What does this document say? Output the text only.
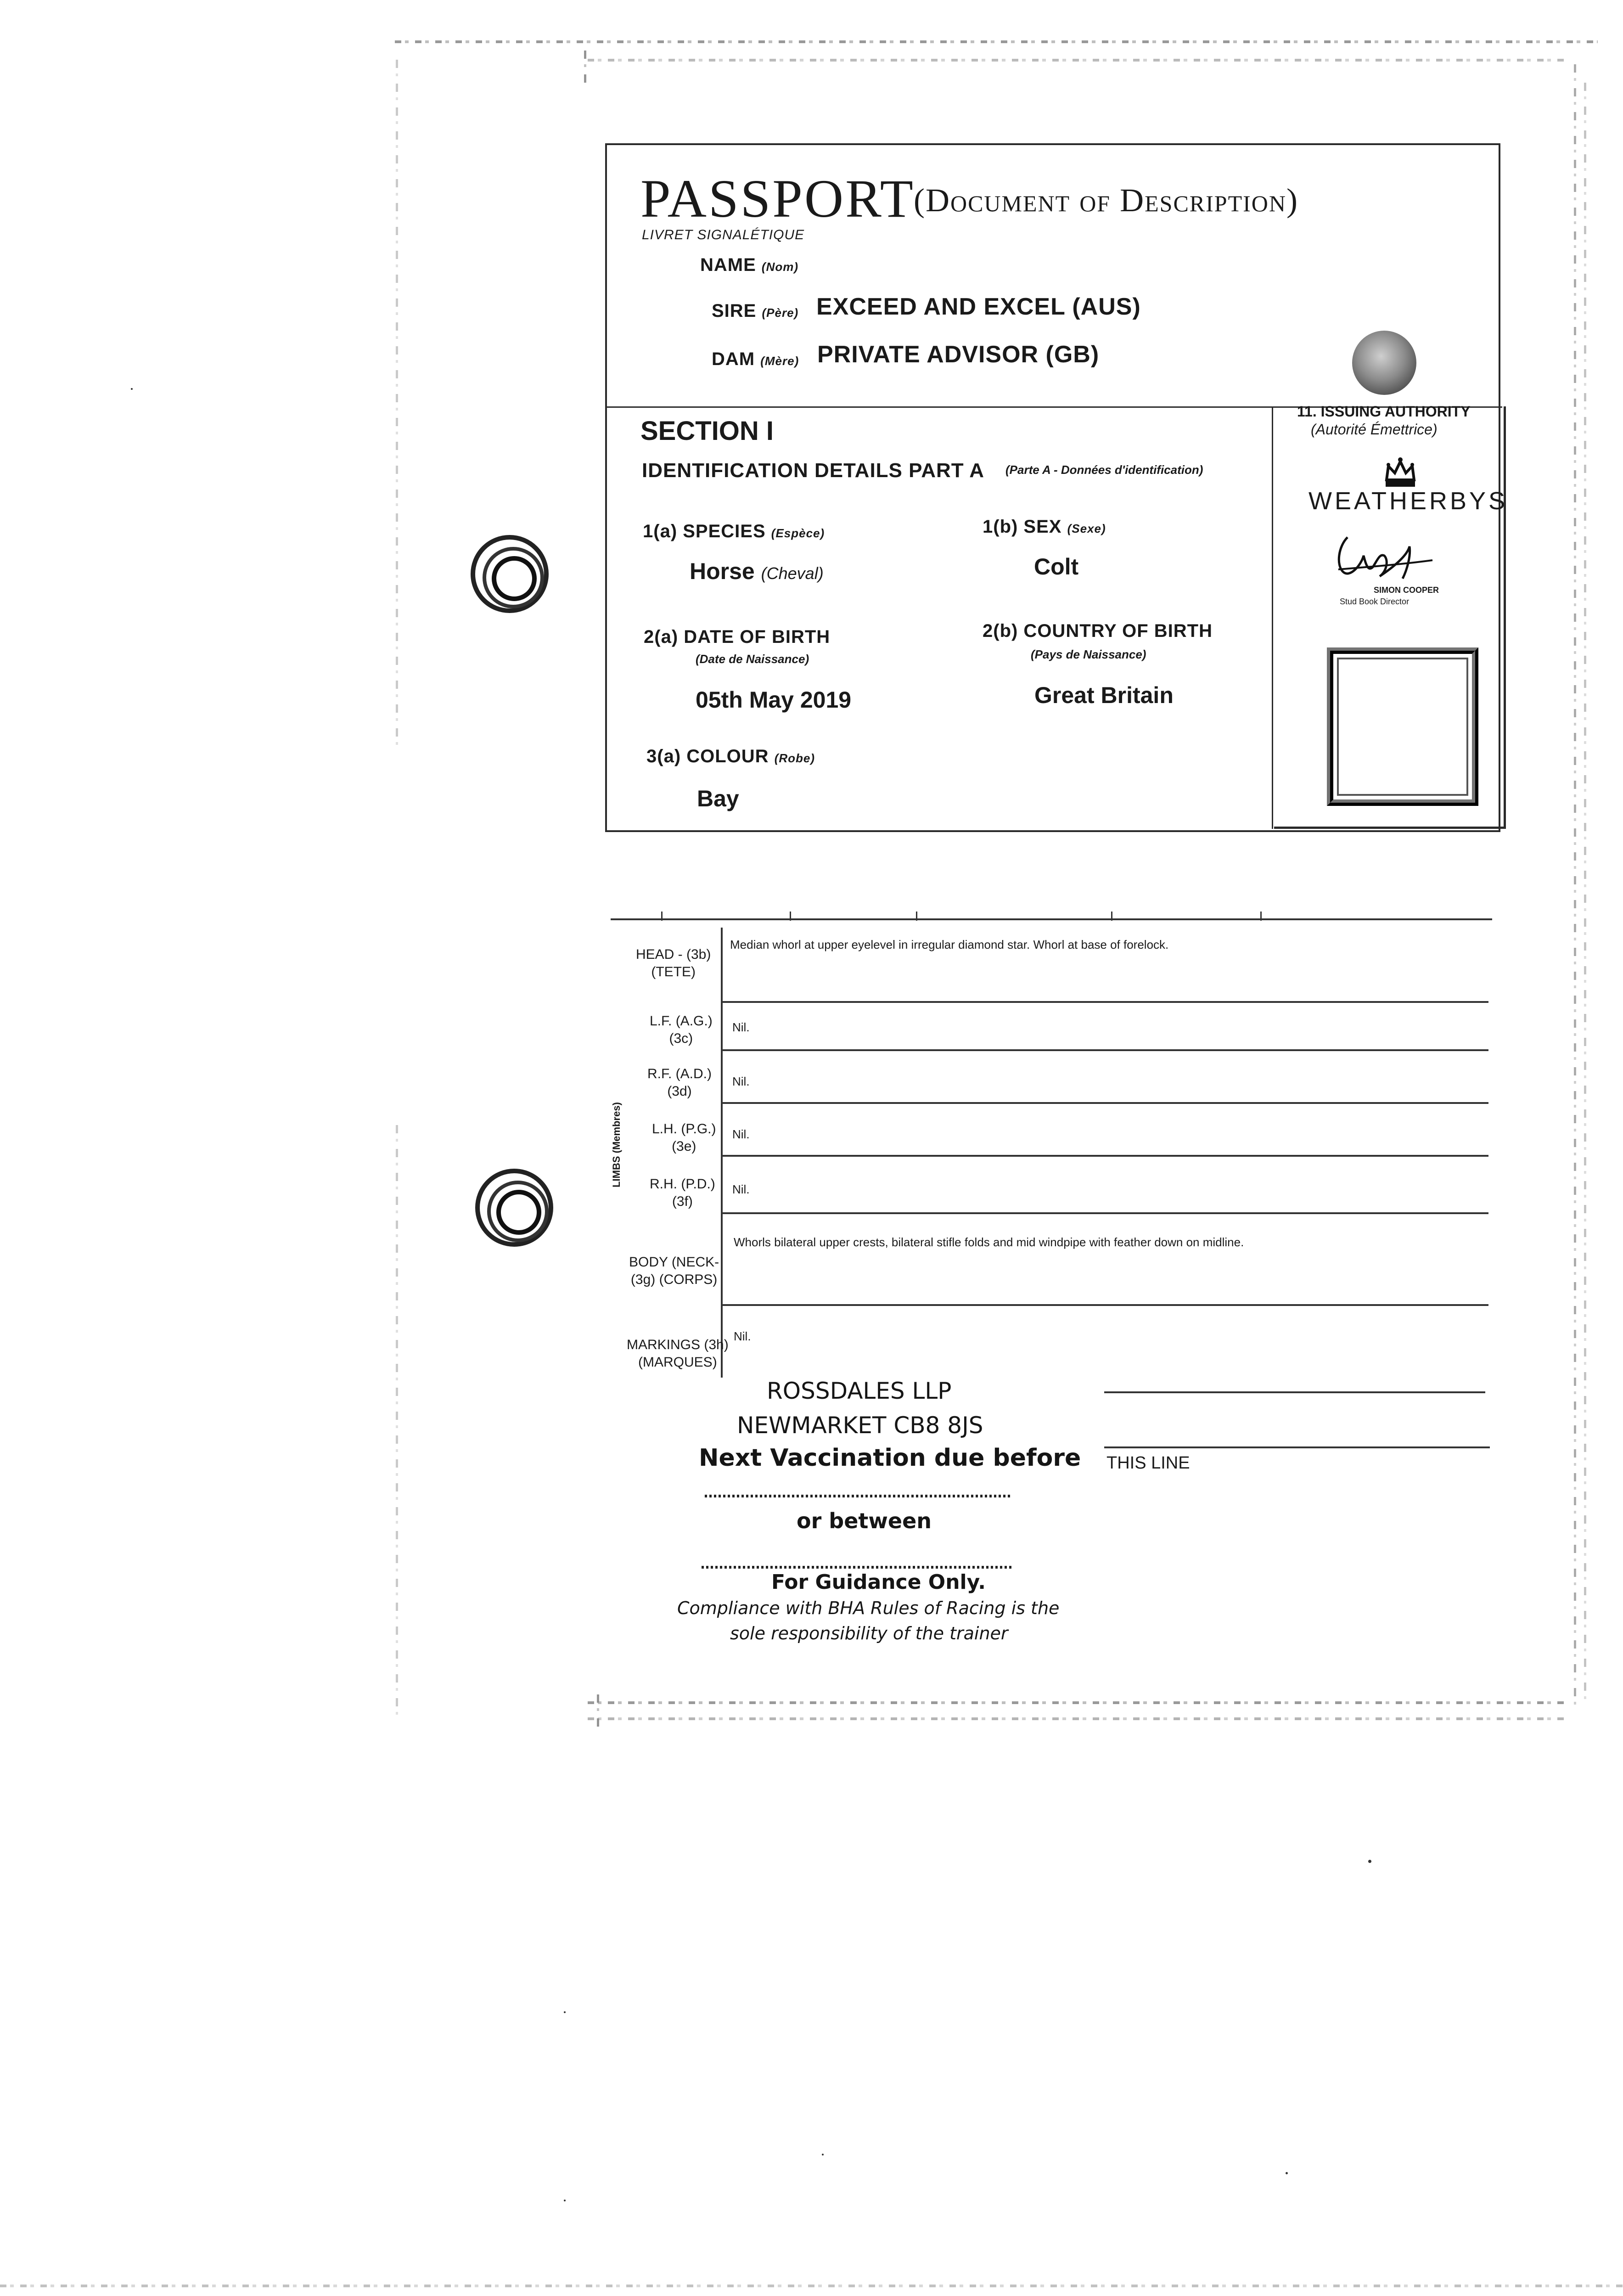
PASSPORT
(Document of Description)
LIVRET SIGNALÉTIQUE
NAME (Nom)
SIRE (Père) EXCEED AND EXCEL (AUS)
DAM (Mère) PRIVATE ADVISOR (GB)
SECTION I
IDENTIFICATION DETAILS PART A (Parte A - Données d'identification)
1(a) SPECIES (Espèce)
Horse (Cheval)
1(b) SEX (Sexe)
Colt
2(a) DATE OF BIRTH
(Date de Naissance)
05th May 2019
2(b) COUNTRY OF BIRTH
(Pays de Naissance)
Great Britain
3(a) COLOUR (Robe)
Bay
11. ISSUING AUTHORITY
(Autorité Émettrice)
WEATHERBYS
SIMON COOPER
Stud Book Director
HEAD - (3b)
(TETE)
Median whorl at upper eyelevel in irregular diamond star. Whorl at base of forelock.
LIMBS (Membres)
L.F. (A.G.)
(3c)
Nil.
R.F. (A.D.)
(3d)
Nil.
L.H. (P.G.)
(3e)
Nil.
R.H. (P.D.)
(3f)
Nil.
BODY (NECK-
(3g) (CORPS)
Whorls bilateral upper crests, bilateral stifle folds and mid windpipe with feather down on midline.
MARKINGS (3h)
(MARQUES)
Nil.
THIS LINE
ROSSDALES LLP
NEWMARKET CB8 8JS
Next Vaccination due before
or between
For Guidance Only.
Compliance with BHA Rules of Racing is the
sole responsibility of the trainer
